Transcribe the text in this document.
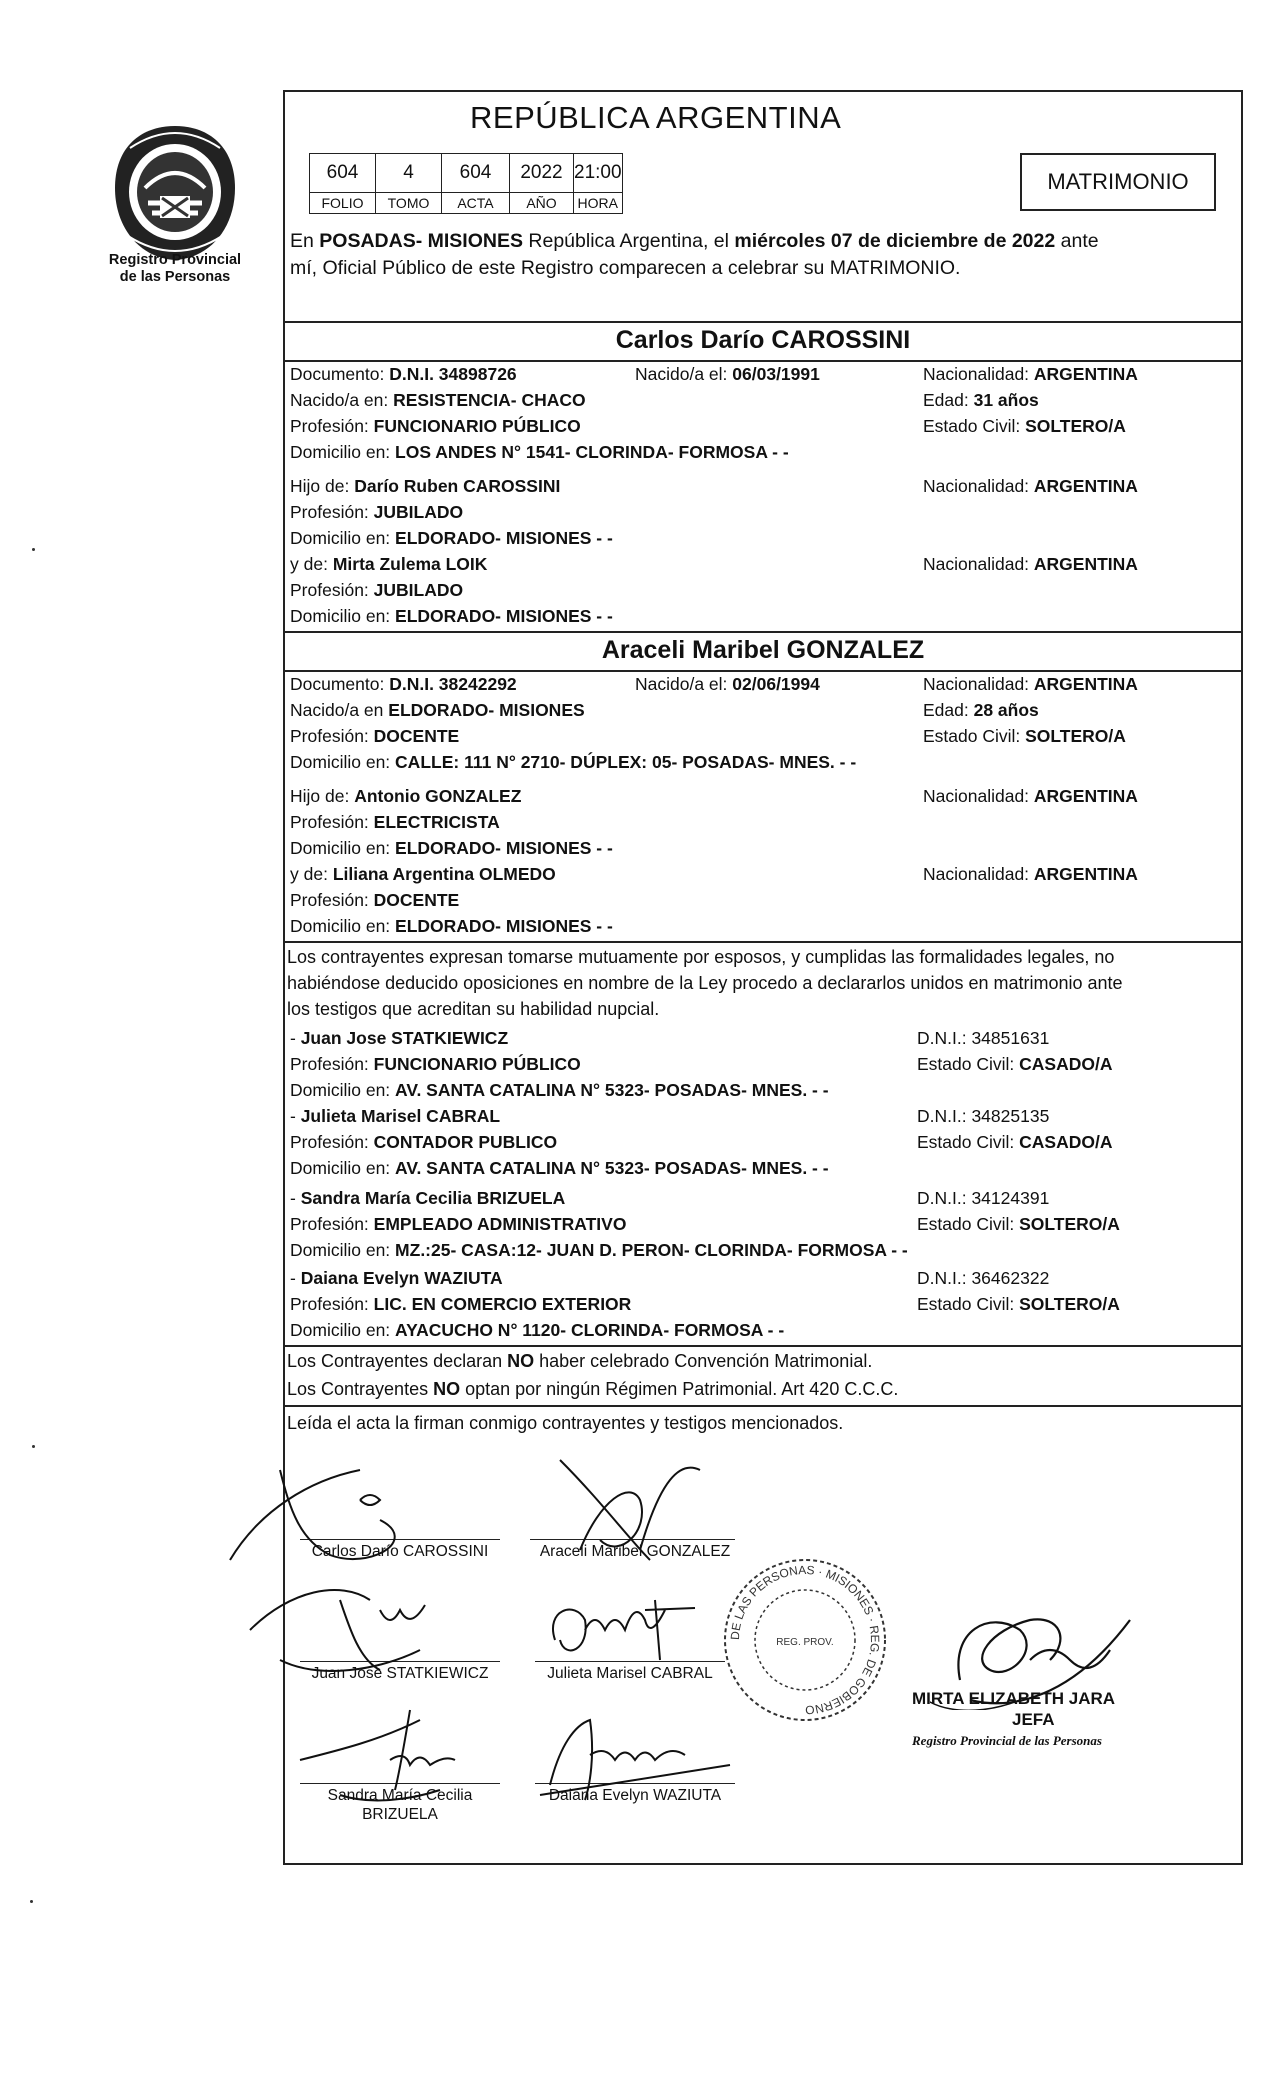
Registro Provincial
de las Personas
REPÚBLICA ARGENTINA
604	4	604	2022	21:00
FOLIO	TOMO	ACTA	AÑO	HORA
MATRIMONIO
En POSADAS- MISIONES República Argentina, el miércoles 07 de diciembre de 2022 ante
mí, Oficial Público de este Registro comparecen a celebrar su MATRIMONIO.
Carlos Darío CAROSSINI
Documento: D.N.I. 34898726	Nacido/a el: 06/03/1991	Nacionalidad: ARGENTINA
Nacido/a en: RESISTENCIA- CHACO	Edad: 31 años
Profesión: FUNCIONARIO PÚBLICO	Estado Civil: SOLTERO/A
Domicilio en: LOS ANDES N° 1541- CLORINDA- FORMOSA - -
Hijo de: Darío Ruben CAROSSINI	Nacionalidad: ARGENTINA
Profesión: JUBILADO
Domicilio en: ELDORADO- MISIONES - -
y de: Mirta Zulema LOIK	Nacionalidad: ARGENTINA
Profesión: JUBILADO
Domicilio en: ELDORADO- MISIONES - -
Araceli Maribel GONZALEZ
Documento: D.N.I. 38242292	Nacido/a el: 02/06/1994	Nacionalidad: ARGENTINA
Nacido/a en ELDORADO- MISIONES	Edad: 28 años
Profesión: DOCENTE	Estado Civil: SOLTERO/A
Domicilio en: CALLE: 111 N° 2710- DÚPLEX: 05- POSADAS- MNES. - -
Hijo de: Antonio GONZALEZ	Nacionalidad: ARGENTINA
Profesión: ELECTRICISTA
Domicilio en: ELDORADO- MISIONES - -
y de: Liliana Argentina OLMEDO	Nacionalidad: ARGENTINA
Profesión: DOCENTE
Domicilio en: ELDORADO- MISIONES - -
Los contrayentes expresan tomarse mutuamente por esposos, y cumplidas las formalidades legales, no
habiéndose deducido oposiciones en nombre de la Ley procedo a declararlos unidos en matrimonio ante
los testigos que acreditan su habilidad nupcial.
- Juan Jose STATKIEWICZ	D.N.I.: 34851631
Profesión: FUNCIONARIO PÚBLICO	Estado Civil: CASADO/A
Domicilio en: AV. SANTA CATALINA N° 5323- POSADAS- MNES. - -
- Julieta Marisel CABRAL	D.N.I.: 34825135
Profesión: CONTADOR PUBLICO	Estado Civil: CASADO/A
Domicilio en: AV. SANTA CATALINA N° 5323- POSADAS- MNES. - -
- Sandra María Cecilia BRIZUELA	D.N.I.: 34124391
Profesión: EMPLEADO ADMINISTRATIVO	Estado Civil: SOLTERO/A
Domicilio en: MZ.:25- CASA:12- JUAN D. PERON- CLORINDA- FORMOSA - -
- Daiana Evelyn WAZIUTA	D.N.I.: 36462322
Profesión: LIC. EN COMERCIO EXTERIOR	Estado Civil: SOLTERO/A
Domicilio en: AYACUCHO N° 1120- CLORINDA- FORMOSA - -
Los Contrayentes declaran NO haber celebrado Convención Matrimonial.
Los Contrayentes NO optan por ningún Régimen Patrimonial. Art 420 C.C.C.
Leída el acta la firman conmigo contrayentes y testigos mencionados.
Carlos Darío CAROSSINI	Araceli Maribel GONZALEZ
Juan Jose STATKIEWICZ	Julieta Marisel CABRAL
Sandra María Cecilia
BRIZUELA
Daiana Evelyn WAZIUTA
REG. PROV.
DE LAS PERSONAS · MISIONES · REG. DE GOBIERNO
MIRTA ELIZABETH JARA
JEFA
Registro Provincial de las Personas
